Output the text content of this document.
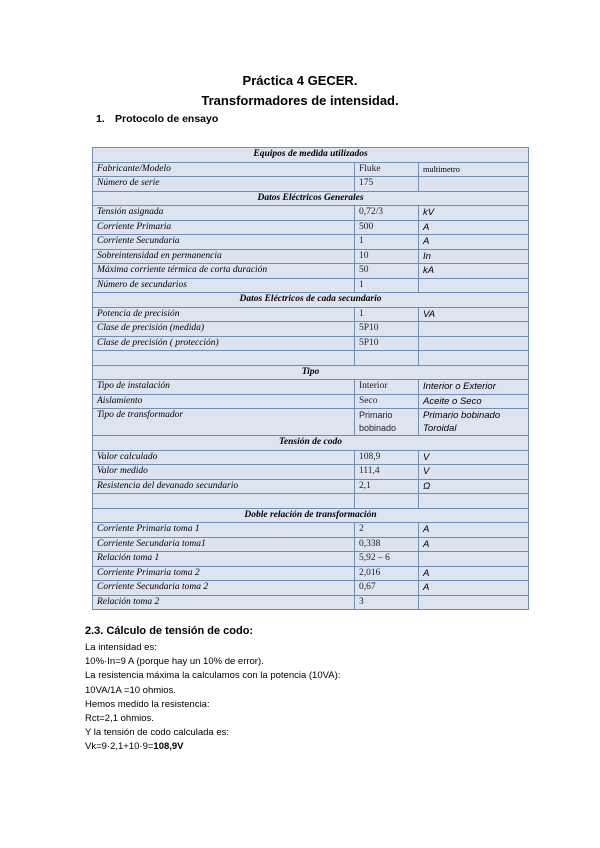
Práctica 4 GECER.
Transformadores de intensidad.
1. Protocolo de ensayo
Equipos de medida utilizados		
Fabricante/Modelo	Fluke	multimetro
Número de serie	175	
Datos Eléctricos Generales		
Tensión asignada	0,72/3	kV
Corriente Primaria	500	A
Corriente Secundaria	1	A
Sobreintensidad en permanencia	10	In
Máxima corriente térmica de corta duración	50	kA
Número de secundarios	1	
Datos Eléctricos de cada secundario		
Potencia de precisión	1	VA
Clase de precisión (medida)	5P10	
Clase de precisión ( protección)	5P10	

Tipo		
Tipo de instalación	Interior	Interior o Exterior
Aislamiento	Seco	Aceite o Seco
Tipo de transformador	Primario bobinado	Primario bobinado Toroidal
Tensión de codo		
Valor calculado	108,9	V
Valor medido	111,4	V
Resistencia del devanado secundario	2,1	Ω

Doble relación de transformación		
Corriente Primaria toma 1	2	A
Corriente Secundaria toma1	0,338	A
Relación toma 1	5,92 – 6	
Corriente Primaria toma 2	2,016	A
Corriente Secundaria toma 2	0,67	A
Relación toma 2	3	
2.3. Cálculo de tensión de codo:
La intensidad es:
10%·In=9 A (porque hay un 10% de error).
La resistencia máxima la calculamos con la potencia (10VA):
10VA/1A =10 ohmios.
Hemos medido la resistencia:
Rct=2,1 ohmios.
Y la tensión de codo calculada es:
Vk=9·2,1+10·9=108,9V
